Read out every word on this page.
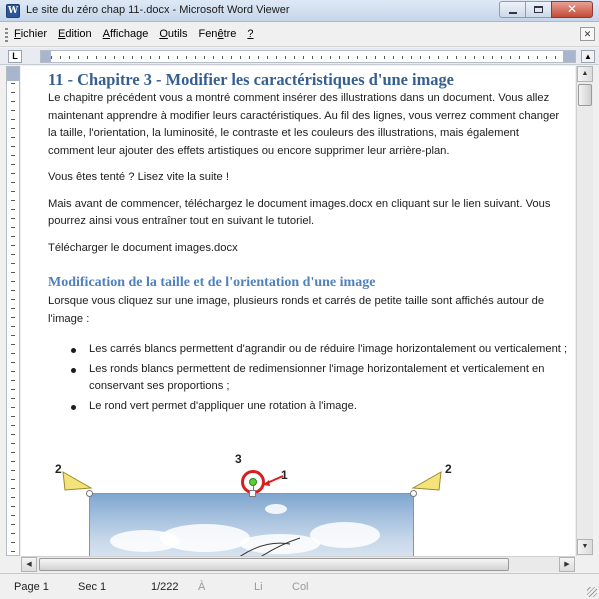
W Le site du zéro chap 11-.docx - Microsoft Word Viewer	✕
Fichier Edition Affichage Outils Fenêtre ?	✕
L	▲
11 - Chapitre 3 - Modifier les caractéristiques d'une image

Le chapitre précédent vous a montré comment insérer des illustrations dans un document. Vous allez maintenant apprendre à modifier leurs caractéristiques. Au fil des lignes, vous verrez comment changer la taille, l'orientation, la luminosité, le contraste et les couleurs des illustrations, mais également comment leur ajouter des effets artistiques ou encore supprimer leur arrière-plan.

Vous êtes tenté ? Lisez vite la suite !

Mais avant de commencer, téléchargez le document images.docx en cliquant sur le lien suivant. Vous pourrez ainsi vous entraîner tout en suivant le tutoriel.

Télécharger le document images.docx

Modification de la taille et de l'orientation d'une image

Lorsque vous cliquez sur une image, plusieurs ronds et carrés de petite taille sont affichés autour de l'image :

Les carrés blancs permettent d'agrandir ou de réduire l'image horizontalement ou verticalement ;
Les ronds blancs permettent de redimensionner l'image horizontalement et verticalement en conservant ses proportions ;
Le rond vert permet d'appliquer une rotation à l'image.
2	2
3
1
▲
▼
◀	▶
Page 1	Sec 1	1/222 À	Li	Col
